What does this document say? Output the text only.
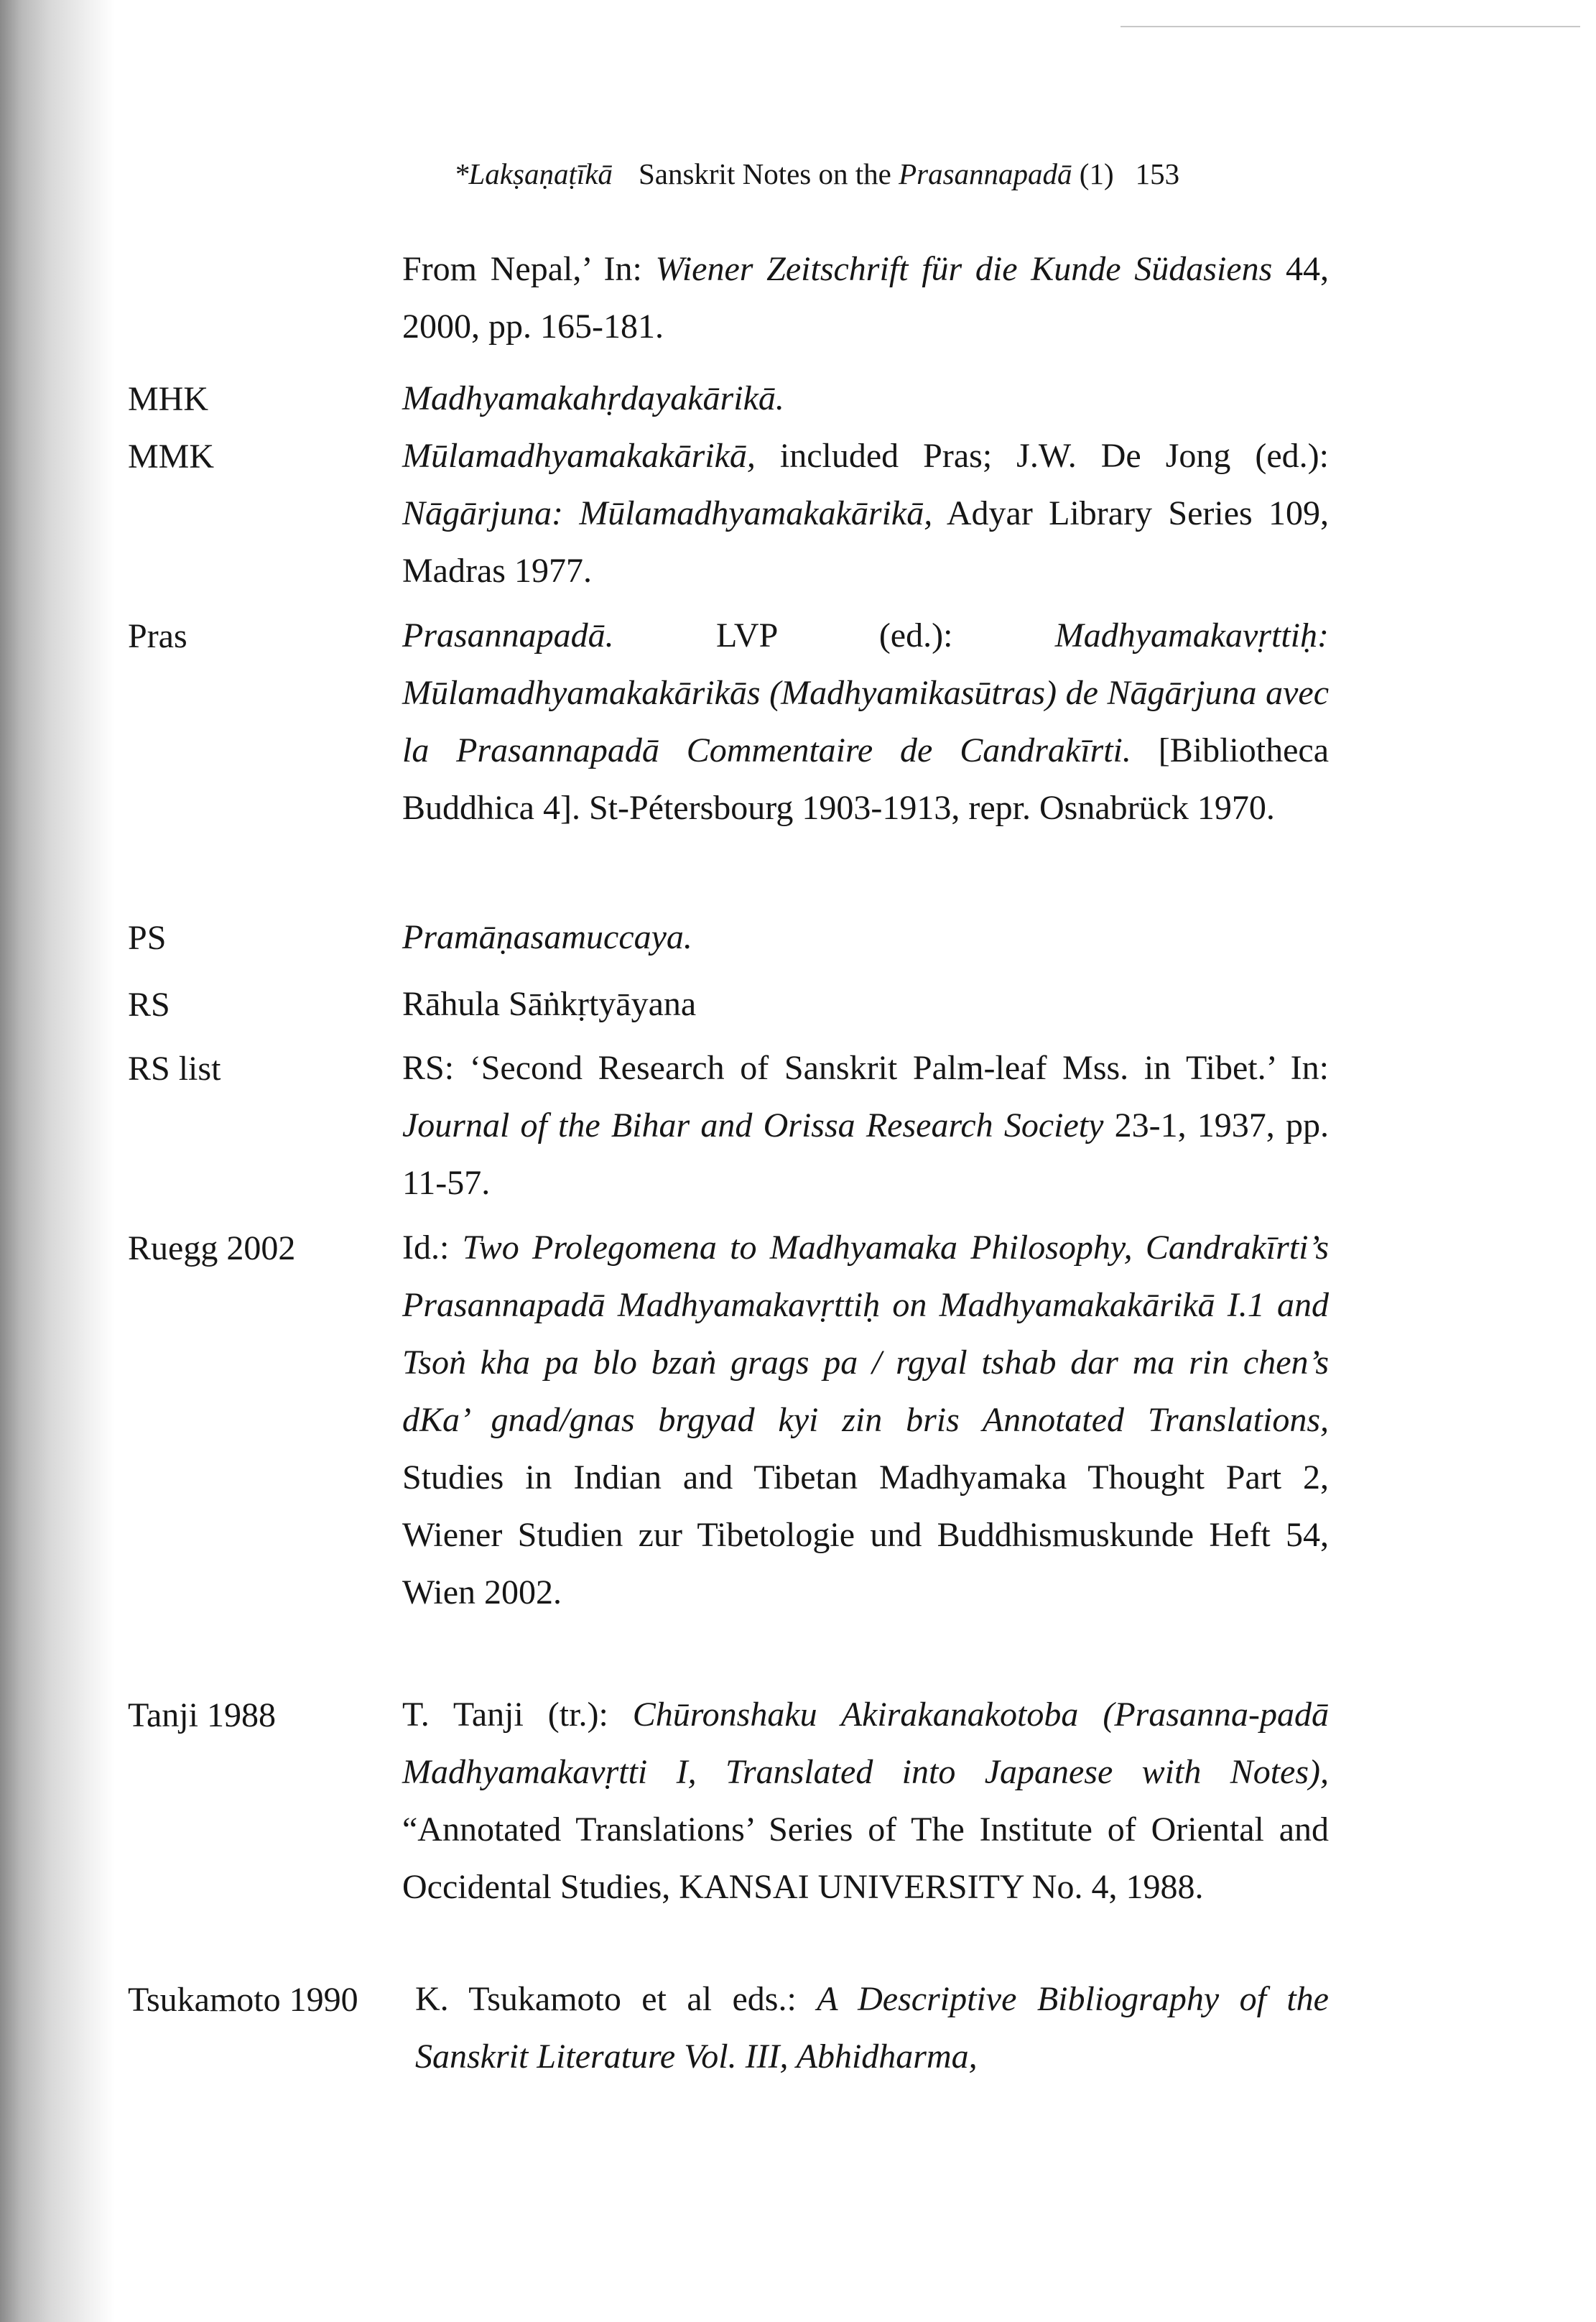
*Lakṣaṇaṭīkā Sanskrit Notes on the Prasannapadā (1) 153
From Nepal,’ In: Wiener Zeitschrift für die Kunde Südasiens 44, 2000, pp. 165-181.
MHK	Madhyamakahṛdayakārikā.
MMK	Mūlamadhyamakakārikā, included Pras; J.W. De Jong (ed.): Nāgārjuna: Mūlamadhyamakakārikā, Adyar Library Series 109, Madras 1977.
Pras	Prasannapadā. LVP (ed.): Madhyamakavṛttiḥ: Mūlamadhyamakakārikās (Madhyamikasūtras) de Nāgārjuna avec la Prasannapadā Commentaire de Candrakīrti. [Bibliotheca Buddhica 4]. St-Pétersbourg 1903-1913, repr. Osnabrück 1970.
PS	Pramāṇasamuccaya.
RS	Rāhula Sāṅkṛtyāyana
RS list	RS: ‘Second Research of Sanskrit Palm-leaf Mss. in Tibet.’ In: Journal of the Bihar and Orissa Research Society 23-1, 1937, pp. 11-57.
Ruegg 2002	Id.: Two Prolegomena to Madhyamaka Philosophy, Candrakīrti’s Prasannapadā Madhyamakavṛttiḥ on Madhyamakakārikā I.1 and Tsoṅ kha pa blo bzaṅ grags pa / rgyal tshab dar ma rin chen’s dKa’ gnad/gnas brgyad kyi zin bris Annotated Translations, Studies in Indian and Tibetan Madhyamaka Thought Part 2, Wiener Studien zur Tibetologie und Buddhismuskunde Heft 54, Wien 2002.
Tanji 1988	T. Tanji (tr.): Chūronshaku Akirakanakotoba (Prasanna-padā Madhyamakavṛtti I, Translated into Japanese with Notes), “Annotated Translations’ Series of The Institute of Oriental and Occidental Studies, KANSAI UNIVERSITY No. 4, 1988.
Tsukamoto 1990 K. Tsukamoto et al eds.: A Descriptive Bibliography of the Sanskrit Literature Vol. III, Abhidharma,
